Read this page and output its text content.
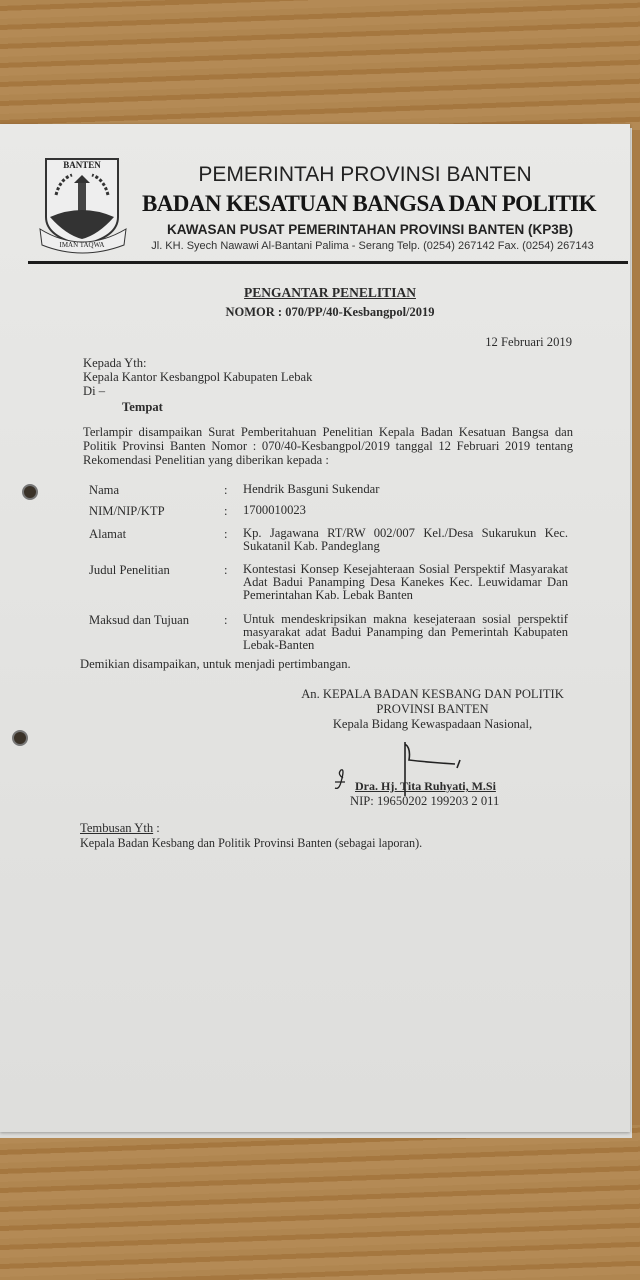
BANTEN
IMAN TAQWA
PEMERINTAH PROVINSI BANTEN
BADAN KESATUAN BANGSA DAN POLITIK
KAWASAN PUSAT PEMERINTAHAN PROVINSI BANTEN (KP3B)
Jl. KH. Syech Nawawi Al-Bantani Palima - Serang Telp. (0254) 267142 Fax. (0254) 267143
PENGANTAR PENELITIAN
NOMOR : 070/PP/40-Kesbangpol/2019
12 Februari 2019
Kepada Yth:
Kepala Kantor Kesbangpol Kabupaten Lebak
Di –
Tempat
Terlampir disampaikan Surat Pemberitahuan Penelitian Kepala Badan Kesatuan Bangsa dan Politik Provinsi Banten Nomor : 070/40-Kesbangpol/2019 tanggal 12 Februari 2019 tentang Rekomendasi Penelitian yang diberikan kepada :
Nama	: Hendrik Basguni Sukendar
NIM/NIP/KTP	: 1700010023
Alamat	: Kp. Jagawana RT/RW 002/007 Kel./Desa Sukarukun Kec. Sukatanil Kab. Pandeglang
Judul Penelitian	: Kontestasi Konsep Kesejahteraan Sosial Perspektif Masyarakat Adat Badui Panamping Desa Kanekes Kec. Leuwidamar Dan Pemerintahan Kab. Lebak Banten
Maksud dan Tujuan	: Untuk mendeskripsikan makna kesejateraan sosial perspektif masyarakat adat Badui Panamping dan Pemerintah Kabupaten Lebak-Banten
Demikian disampaikan, untuk menjadi pertimbangan.
An. KEPALA BADAN KESBANG DAN POLITIK
PROVINSI BANTEN
Kepala Bidang Kewaspadaan Nasional,
Dra. Hj. Tita Ruhyati, M.Si
NIP: 19650202 199203 2 011
Tembusan Yth :
Kepala Badan Kesbang dan Politik Provinsi Banten (sebagai laporan).
